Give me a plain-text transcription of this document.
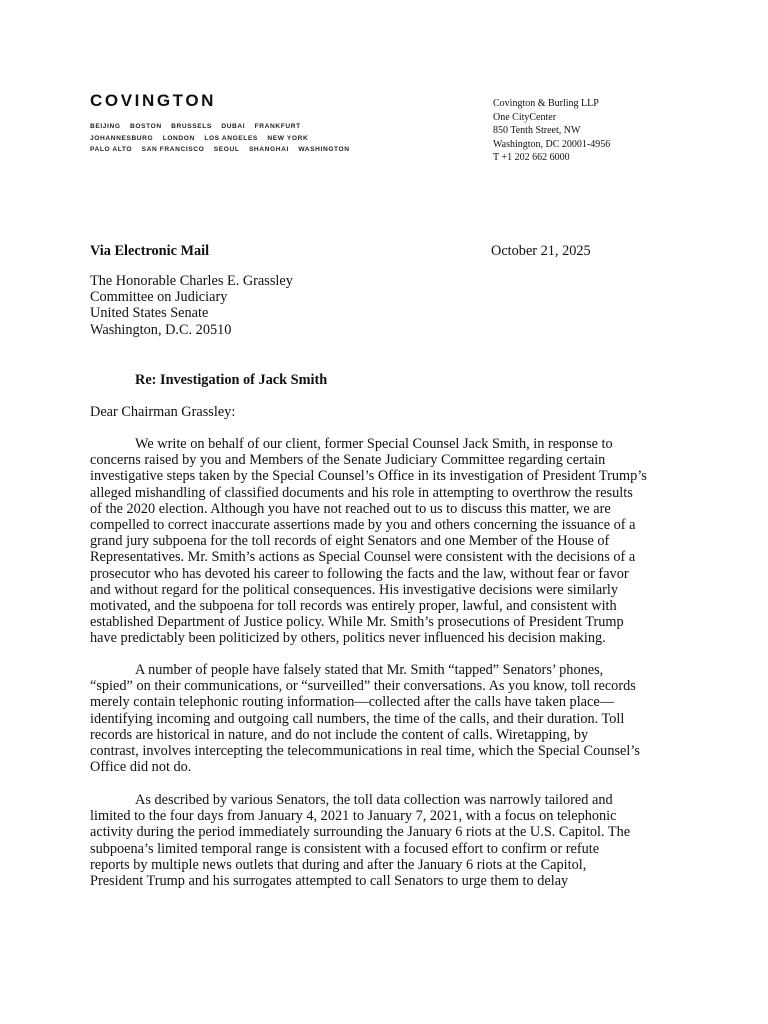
COVINGTON
BEIJING BOSTON BRUSSELS DUBAI FRANKFURT
JOHANNESBURG LONDON LOS ANGELES NEW YORK
PALO ALTO SAN FRANCISCO SEOUL SHANGHAI WASHINGTON
Covington & Burling LLP
One CityCenter
850 Tenth Street, NW
Washington, DC 20001-4956
T +1 202 662 6000
Via Electronic Mail	October 21, 2025
The Honorable Charles E. Grassley
Committee on Judiciary
United States Senate
Washington, D.C. 20510
Re: Investigation of Jack Smith
Dear Chairman Grassley:
We write on behalf of our client, former Special Counsel Jack Smith, in response to
concerns raised by you and Members of the Senate Judiciary Committee regarding certain
investigative steps taken by the Special Counsel’s Office in its investigation of President Trump’s
alleged mishandling of classified documents and his role in attempting to overthrow the results
of the 2020 election. Although you have not reached out to us to discuss this matter, we are
compelled to correct inaccurate assertions made by you and others concerning the issuance of a
grand jury subpoena for the toll records of eight Senators and one Member of the House of
Representatives. Mr. Smith’s actions as Special Counsel were consistent with the decisions of a
prosecutor who has devoted his career to following the facts and the law, without fear or favor
and without regard for the political consequences. His investigative decisions were similarly
motivated, and the subpoena for toll records was entirely proper, lawful, and consistent with
established Department of Justice policy. While Mr. Smith’s prosecutions of President Trump
have predictably been politicized by others, politics never influenced his decision making.
A number of people have falsely stated that Mr. Smith “tapped” Senators’ phones,
“spied” on their communications, or “surveilled” their conversations. As you know, toll records
merely contain telephonic routing information—collected after the calls have taken place—
identifying incoming and outgoing call numbers, the time of the calls, and their duration. Toll
records are historical in nature, and do not include the content of calls. Wiretapping, by
contrast, involves intercepting the telecommunications in real time, which the Special Counsel’s
Office did not do.
As described by various Senators, the toll data collection was narrowly tailored and
limited to the four days from January 4, 2021 to January 7, 2021, with a focus on telephonic
activity during the period immediately surrounding the January 6 riots at the U.S. Capitol. The
subpoena’s limited temporal range is consistent with a focused effort to confirm or refute
reports by multiple news outlets that during and after the January 6 riots at the Capitol,
President Trump and his surrogates attempted to call Senators to urge them to delay
